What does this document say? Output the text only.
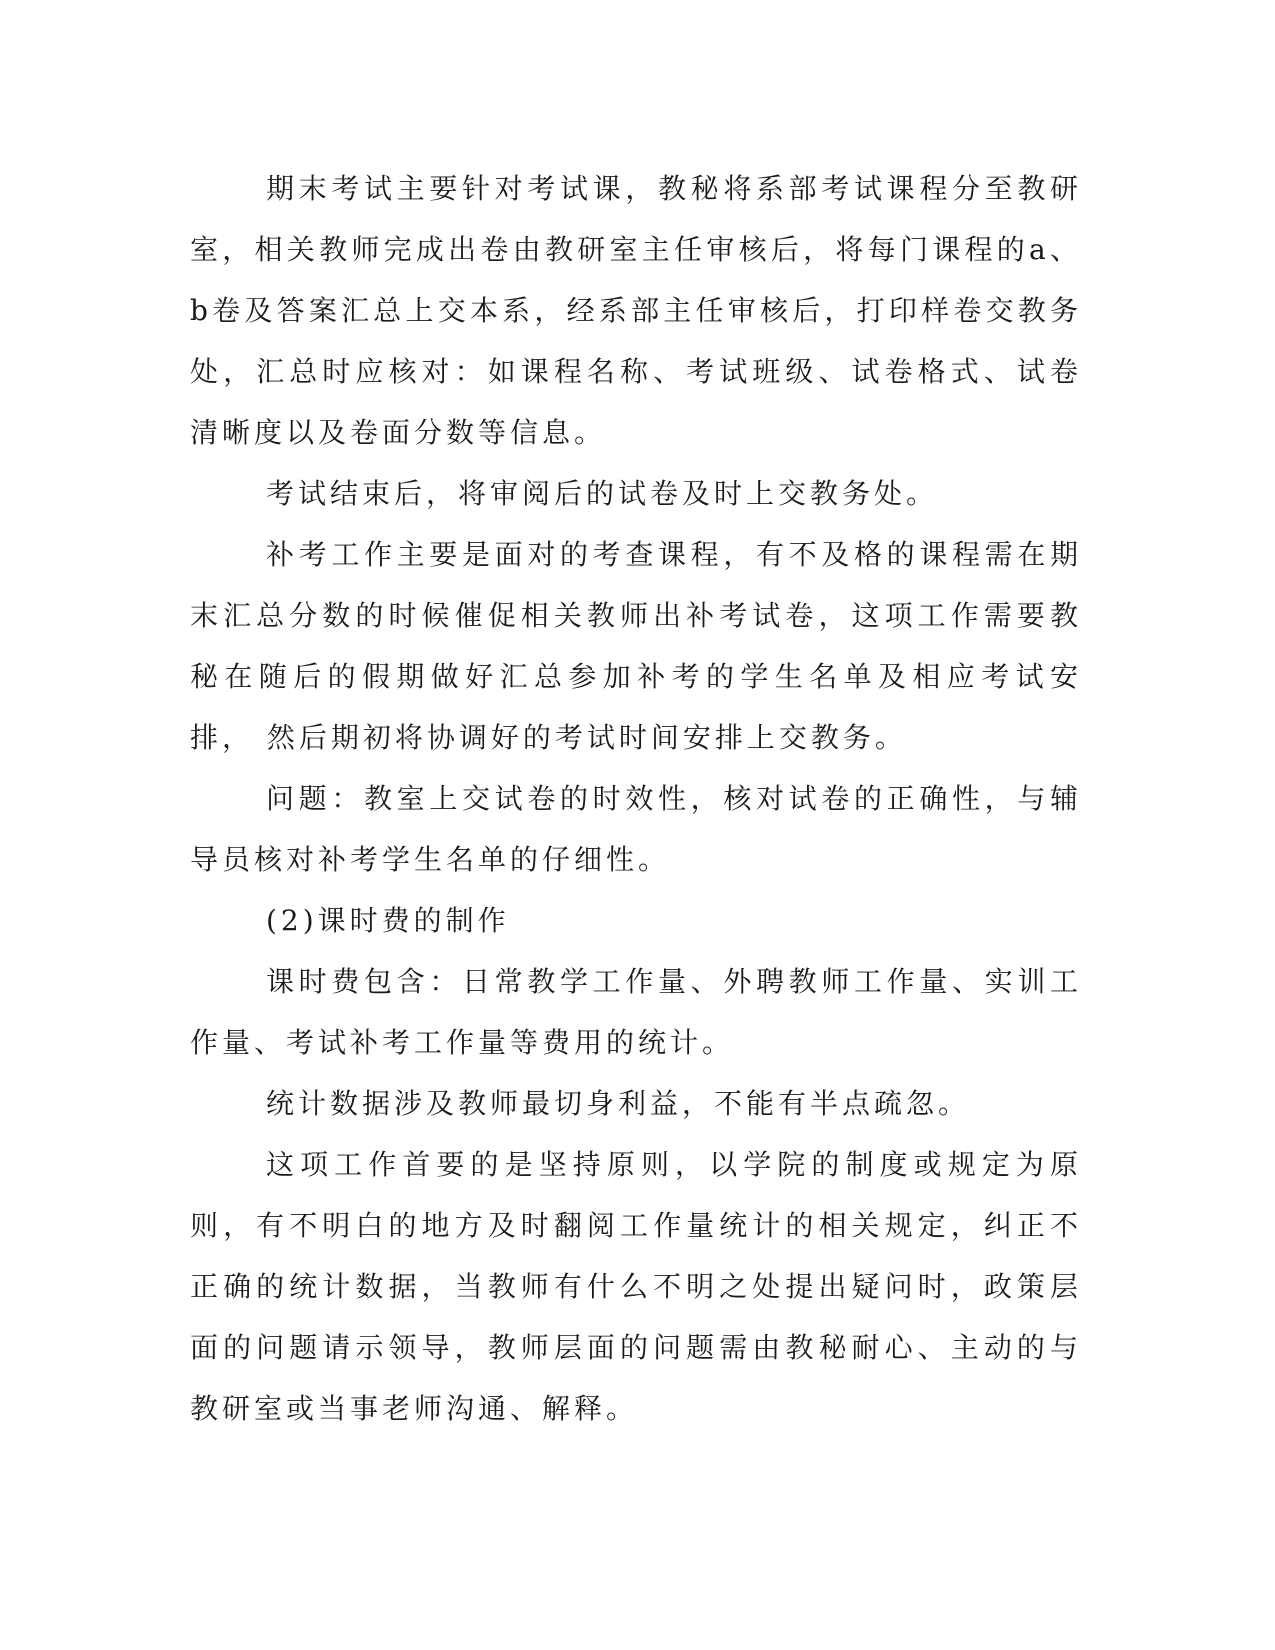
期末考试主要针对考试课，教秘将系部考试课程分至教研室，相关教师完成出卷由教研室主任审核后，将每门课程的a、b卷及答案汇总上交本系，经系部主任审核后，打印样卷交教务处，汇总时应核对：如课程名称、考试班级、试卷格式、试卷清晰度以及卷面分数等信息。

考试结束后，将审阅后的试卷及时上交教务处。

补考工作主要是面对的考查课程，有不及格的课程需在期末汇总分数的时候催促相关教师出补考试卷，这项工作需要教秘在随后的假期做好汇总参加补考的学生名单及相应考试安排， 然后期初将协调好的考试时间安排上交教务。

问题：教室上交试卷的时效性，核对试卷的正确性，与辅导员核对补考学生名单的仔细性。

(2)课时费的制作

课时费包含：日常教学工作量、外聘教师工作量、实训工作量、考试补考工作量等费用的统计。

统计数据涉及教师最切身利益，不能有半点疏忽。

这项工作首要的是坚持原则，以学院的制度或规定为原则，有不明白的地方及时翻阅工作量统计的相关规定，纠正不正确的统计数据，当教师有什么不明之处提出疑问时，政策层面的问题请示领导，教师层面的问题需由教秘耐心、主动的与教研室或当事老师沟通、解释。
